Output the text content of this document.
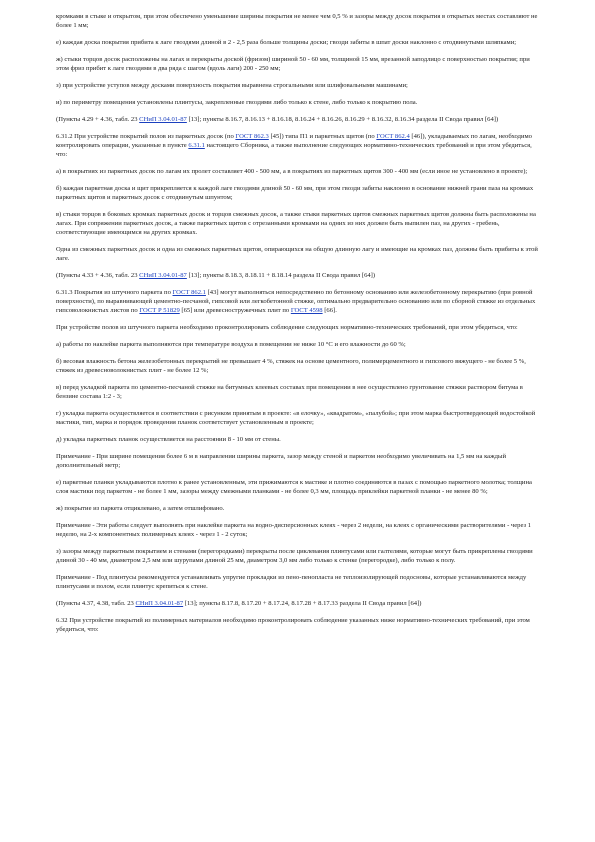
кромками в стыке и открытом, при этом обеспечено уменьшение ширины покрытия не менее чем 0,5 % и зазоры между досок покрытия в открытых местах составляют не более 1 мм;

е) каждая доска покрытия прибита к лаге гвоздями длиной в 2 - 2,5 раза больше толщины доски; гвозди забиты в шпат доски наклонно с отодвинутыми шляпками;

ж) стыки торцов досок расположены на лагах и перекрыты доской (фризом) шириной 50 - 60 мм, толщиной 15 мм, врезанной заподлицо с поверхностью покрытия; при этом фриз прибит к лаге гвоздями в два ряда с шагом (вдоль лаги) 200 - 250 мм;

з) при устройстве уступов между досками поверхность покрытия выравнена строгальными или шлифовальными машинами;

и) по периметру помещения установлены плинтусы, закрепленные гвоздями либо только к стене, либо только к покрытию пола.

(Пункты 4.29 + 4.36, табл. 23 СНиП 3.04.01-87 [13]; пункты 8.16.7, 8.16.13 + 8.16.18, 8.16.24 + 8.16.26, 8.16.29 + 8.16.32, 8.16.34 раздела II Свода правил [64])

6.31.2 При устройстве покрытий полов из паркетных досок (по ГОСТ 862.3 [45]) типа П1 и паркетных щитов (по ГОСТ 862.4 [46]), укладываемых по лагам, необходимо контролировать операции, указанные в пункте 6.31.1 настоящего Сборника, а также выполнение следующих нормативно-технических требований и при этом убедиться, что:

а) в покрытиях из паркетных досок по лагам их пролет составляет 400 - 500 мм, а в покрытиях из паркетных щитов 300 - 400 мм (если иное не установлено в проекте);

б) каждая паркетная доска и щит прикрепляется к каждой лаге гвоздями длиной 50 - 60 мм, при этом гвозди забиты наклонно в основание нижней грани паза на кромках паркетных щитов и паркетных досок с отодвинутым шпунтом;

в) стыки торцов в боковых кромках паркетных досок и торцов смежных досок, а также стыки паркетных щитов смежных паркетных щитов должны быть расположены на лагах. При сопряжении паркетных досок, а также паркетных щитов с отрезанными кромками на одних из них должен быть выпилен паз, на других - гребень, соответствующие имеющимся на других кромках.

Одна из смежных паркетных досок и одна из смежных паркетных щитов, опирающихся на общую длинную лагу и имеющие на кромках паз, должны быть прибиты к этой лаге.

(Пункты 4.33 + 4.36, табл. 23 СНиП 3.04.01-87 [13]; пункты 8.18.3, 8.18.11 + 8.18.14 раздела II Свода правил [64])

6.31.3 Покрытия из штучного паркета по ГОСТ 862.1 [43] могут выполняться непосредственно по бетонному основанию или железобетонному перекрытию (при ровной поверхности), по выравнивающей цементно-песчаной, гипсовой или легкобетонной стяжке, оптимально предварительно основанию или по сборной стяжке из отдельных гипсоволокнистых листов по ГОСТ Р 51829 [65] или древесностружечных плит по ГОСТ 4598 [66].

При устройстве полов из штучного паркета необходимо проконтролировать соблюдение следующих нормативно-технических требований, при этом убедиться, что:

а) работы по наклейке паркета выполняются при температуре воздуха в помещении не ниже 10 °С и его влажности до 60 %;

б) весовая влажность бетона железобетонных перекрытий не превышает 4 %, стяжек на основе цементного, полимерцементного и гипсового вяжущего - не более 5 %, стяжек из древесноволокнистых плит - не более 12 %;

в) перед укладкой паркета по цементно-песчаной стяжке на битумных клеевых составах при помещении в нее осуществлено грунтование стяжки раствором битума в бензине состава 1:2 - 3;

г) укладка паркета осуществляется в соответствии с рисунком принятым в проекте: «в елочку», «квадратом», «палубой»; при этом марка быстротвердеющей водостойкой мастики, тип, марка и порядок проведения планок соответствует установленным в проекте;

д) укладка паркетных планок осуществляется на расстоянии 8 - 10 мм от стены.

Примечание - При ширине помещения более 6 м в направлении ширины паркета, зазор между стеной и паркетом необходимо увеличивать на 1,5 мм на каждый дополнительный метр;

е) паркетные планки укладываются плотно к ранее установленным, эти прижимаются к мастике и плотно соединяются в пазах с помощью паркетного молотка; толщина слоя мастики под паркетом - не более 1 мм, зазоры между смежными планками - не более 0,3 мм, площадь приклейки паркетной планки - не менее 80 %;

ж) покрытие из паркета отциклевано, а затем отшлифовано.

Примечание - Эти работы следует выполнять при наклейке паркета на водно-дисперсионных клеях - через 2 недели, на клеях с органическими растворителями - через 1 неделю, на 2-х компонентных полимерных клеях - через 1 - 2 суток;

з) зазоры между паркетным покрытием и стенами (перегородками) перекрыты после циклевания плинтусами или галтелями, которые могут быть прикреплены гвоздями длиной 30 - 40 мм, диаметром 2,5 мм или шурупами длиной 25 мм, диаметром 3,0 мм либо только к стенке (перегородке), либо только к полу.

Примечание - Под плинтусы рекомендуется устанавливать упругие прокладки из пено-пенопласта не теплоизолирующей подосновы, которые устанавливаются между плинтусами и полом, если плинтус крепиться к стене.

(Пункты 4.37, 4.38, табл. 23 СНиП 3.04.01-87 [13]; пункты 8.17.8, 8.17.20 + 8.17.24, 8.17.28 + 8.17.33 раздела II Свода правил [64])

6.32 При устройстве покрытий из полимерных материалов необходимо проконтролировать соблюдение указанных ниже нормативно-технических требований, при этом убедиться, что:
